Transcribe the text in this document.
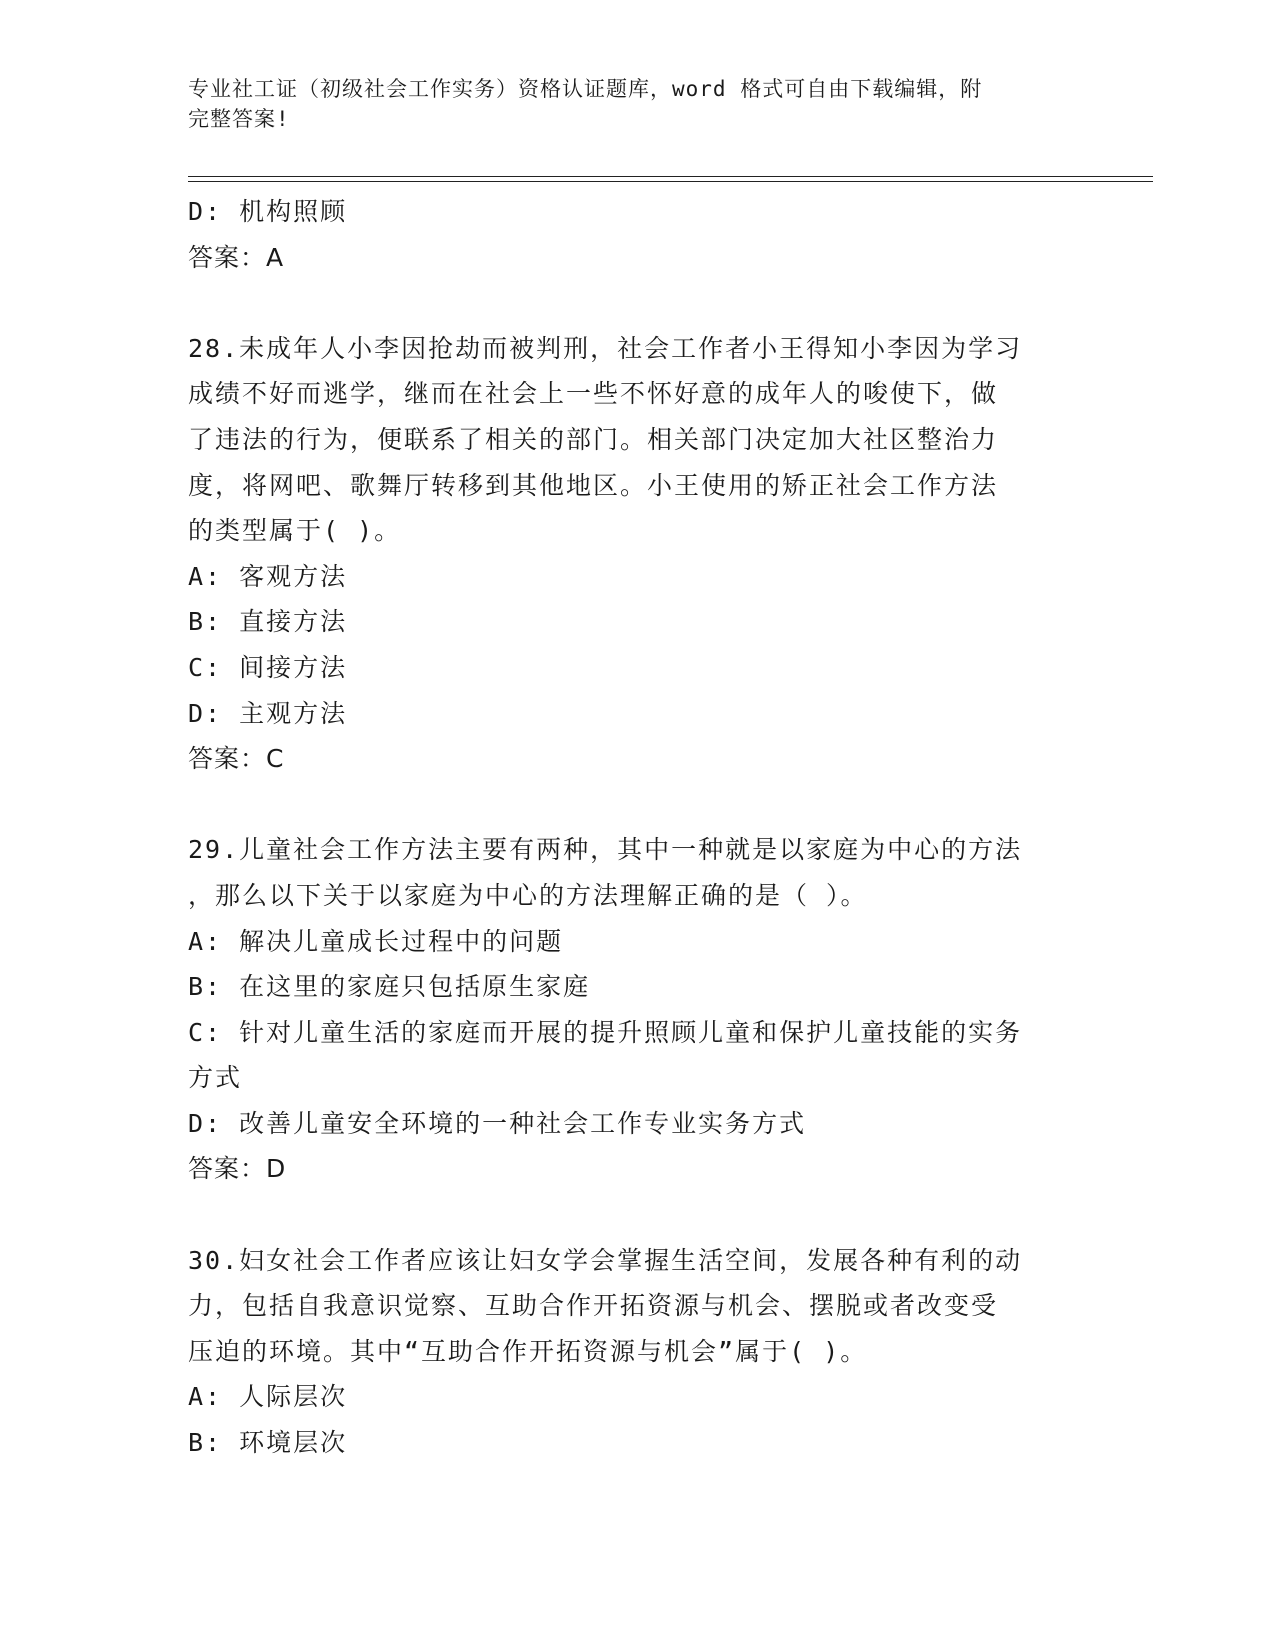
专业社工证（初级社会工作实务）资格认证题库，word 格式可自由下载编辑，附
完整答案!
D: 机构照顾
答案：A
28.未成年人小李因抢劫而被判刑，社会工作者小王得知小李因为学习
成绩不好而逃学，继而在社会上一些不怀好意的成年人的唆使下，做
了违法的行为，便联系了相关的部门。相关部门决定加大社区整治力
度，将网吧、歌舞厅转移到其他地区。小王使用的矫正社会工作方法
的类型属于( )。
A: 客观方法
B: 直接方法
C: 间接方法
D: 主观方法
答案：C
29.儿童社会工作方法主要有两种，其中一种就是以家庭为中心的方法
，那么以下关于以家庭为中心的方法理解正确的是（ ）。
A: 解决儿童成长过程中的问题
B: 在这里的家庭只包括原生家庭
C: 针对儿童生活的家庭而开展的提升照顾儿童和保护儿童技能的实务
方式
D: 改善儿童安全环境的一种社会工作专业实务方式
答案：D
30.妇女社会工作者应该让妇女学会掌握生活空间，发展各种有利的动
力，包括自我意识觉察、互助合作开拓资源与机会、摆脱或者改变受
压迫的环境。其中“互助合作开拓资源与机会”属于( )。
A: 人际层次
B: 环境层次
